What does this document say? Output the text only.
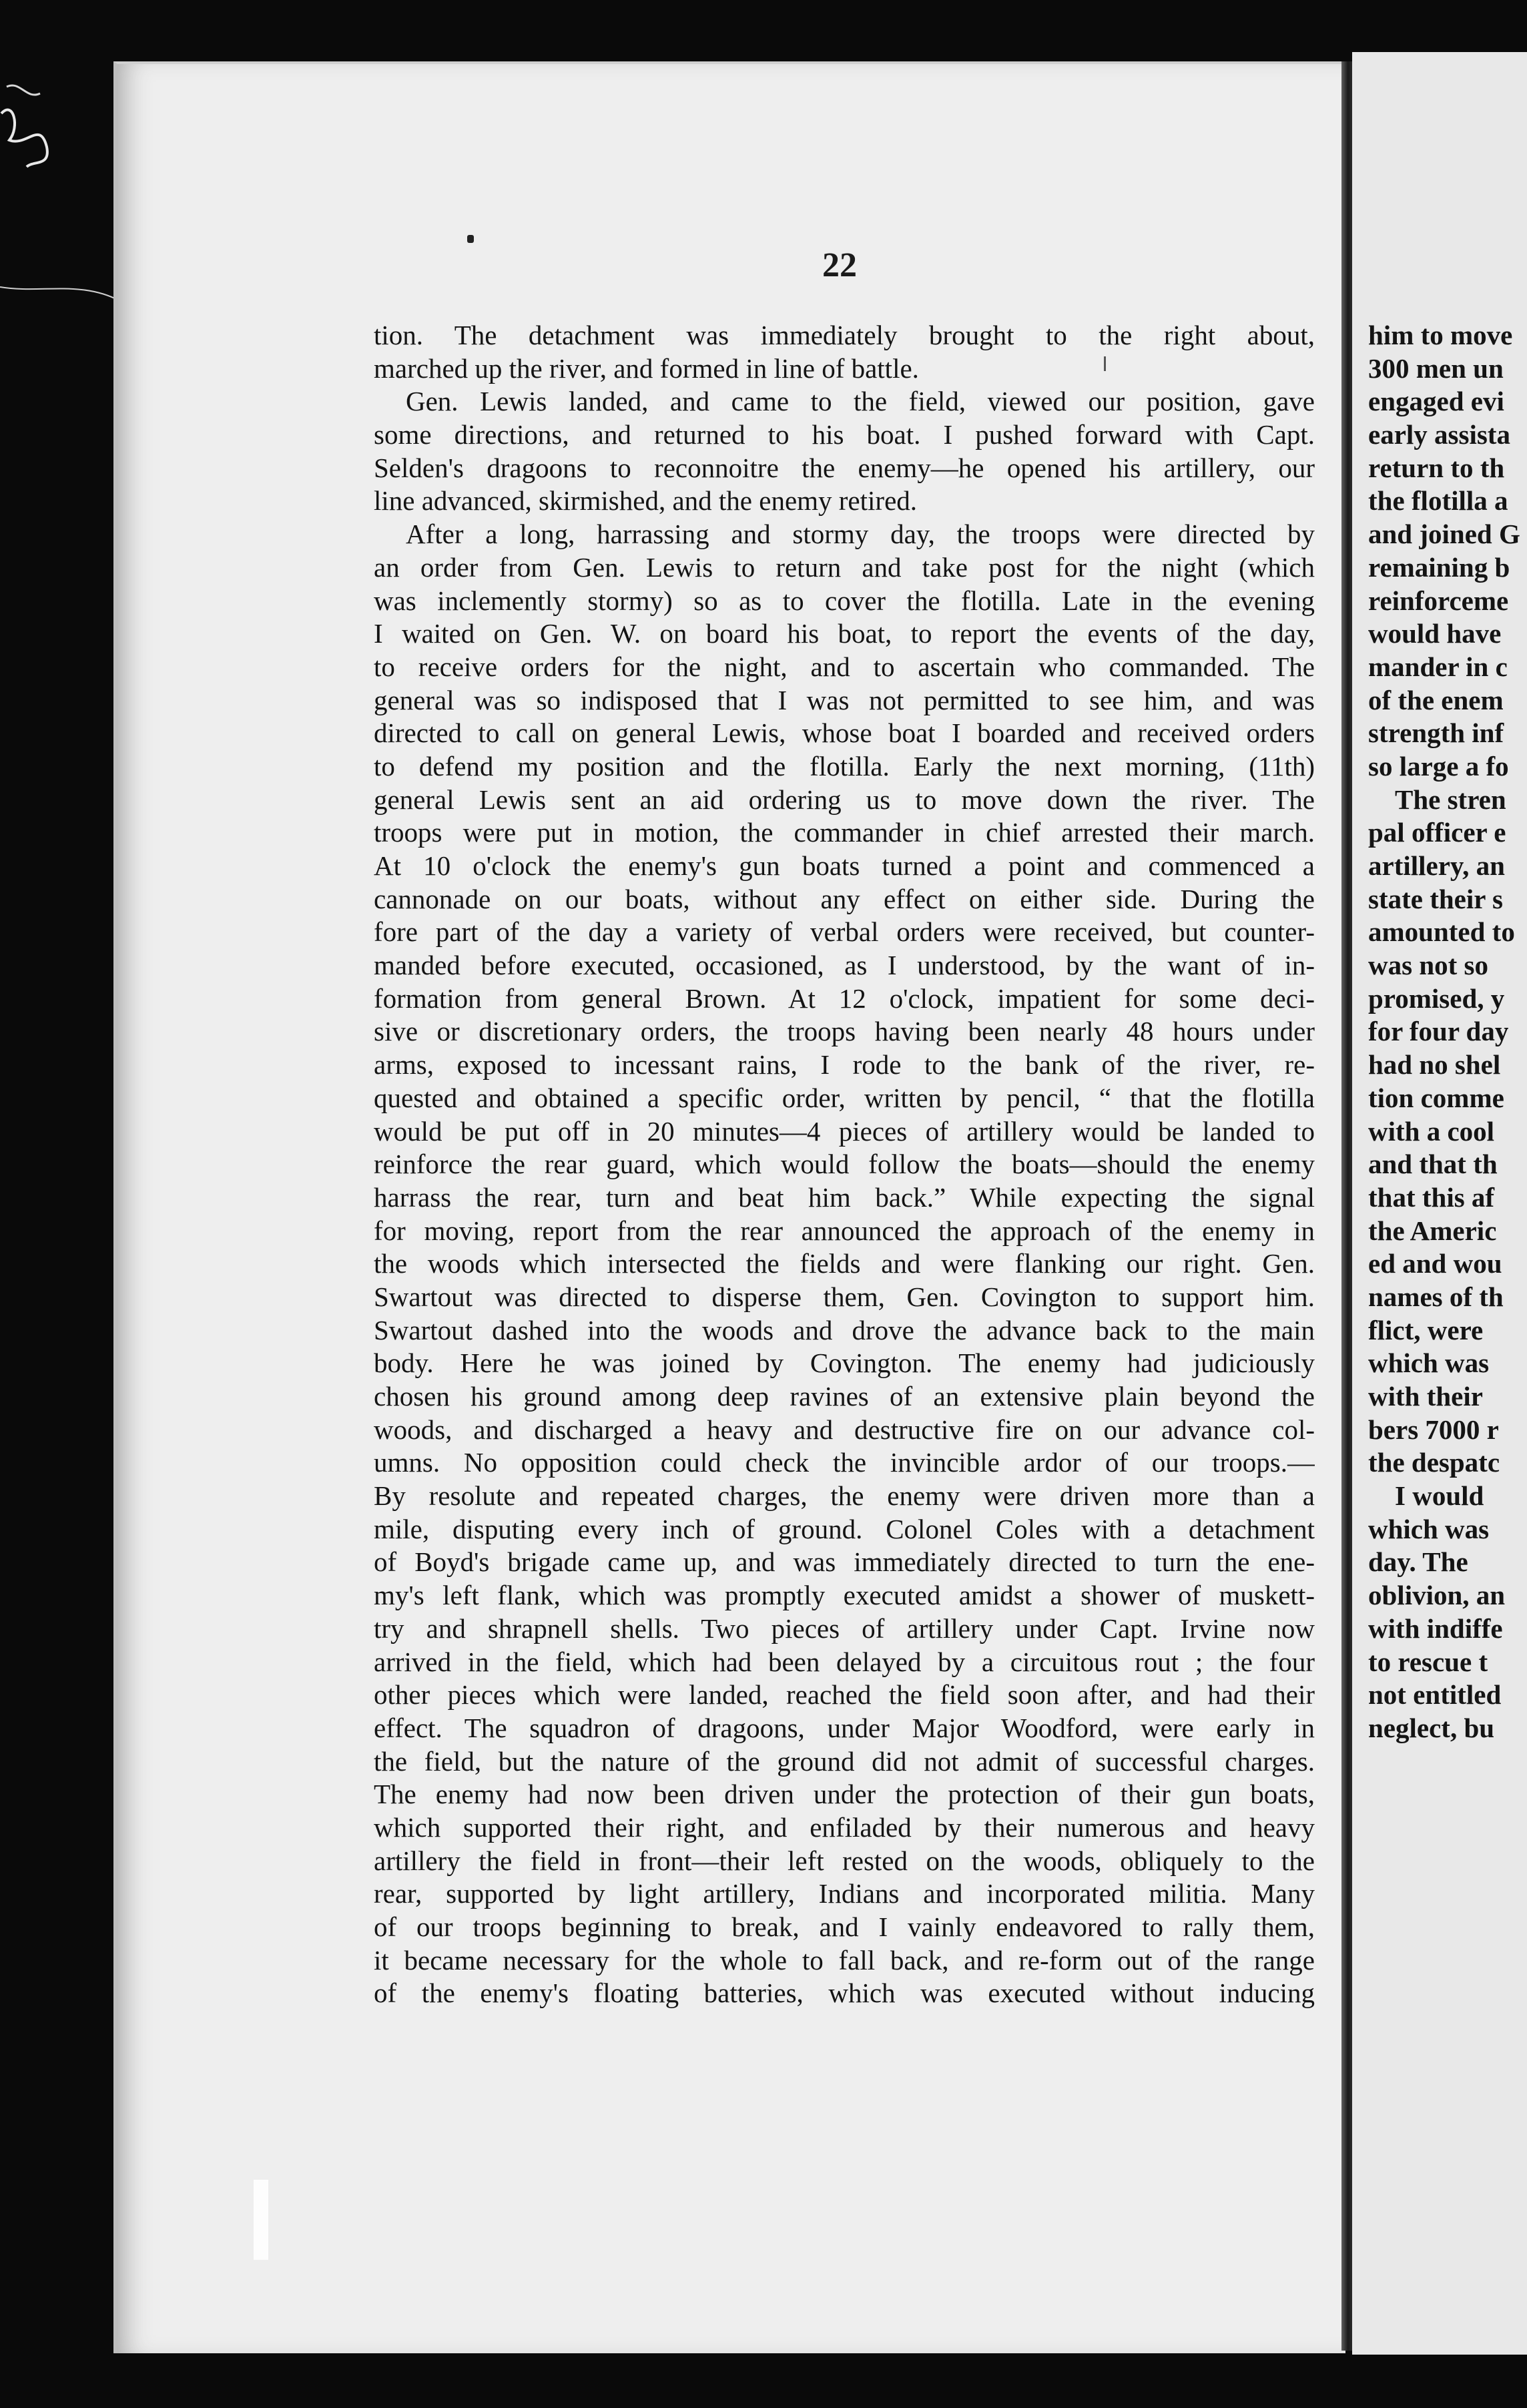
22
tion. The detachment was immediately brought to the right about,
marched up the river, and formed in line of battle.
Gen. Lewis landed, and came to the field, viewed our position, gave
some directions, and returned to his boat. I pushed forward with Capt.
Selden's dragoons to reconnoitre the enemy—he opened his artillery, our
line advanced, skirmished, and the enemy retired.
After a long, harrassing and stormy day, the troops were directed by
an order from Gen. Lewis to return and take post for the night (which
was inclemently stormy) so as to cover the flotilla. Late in the evening
I waited on Gen. W. on board his boat, to report the events of the day,
to receive orders for the night, and to ascertain who commanded. The
general was so indisposed that I was not permitted to see him, and was
directed to call on general Lewis, whose boat I boarded and received orders
to defend my position and the flotilla. Early the next morning, (11th)
general Lewis sent an aid ordering us to move down the river. The
troops were put in motion, the commander in chief arrested their march.
At 10 o'clock the enemy's gun boats turned a point and commenced a
cannonade on our boats, without any effect on either side. During the
fore part of the day a variety of verbal orders were received, but counter-
manded before executed, occasioned, as I understood, by the want of in-
formation from general Brown. At 12 o'clock, impatient for some deci-
sive or discretionary orders, the troops having been nearly 48 hours under
arms, exposed to incessant rains, I rode to the bank of the river, re-
quested and obtained a specific order, written by pencil, “ that the flotilla
would be put off in 20 minutes—4 pieces of artillery would be landed to
reinforce the rear guard, which would follow the boats—should the enemy
harrass the rear, turn and beat him back.” While expecting the signal
for moving, report from the rear announced the approach of the enemy in
the woods which intersected the fields and were flanking our right. Gen.
Swartout was directed to disperse them, Gen. Covington to support him.
Swartout dashed into the woods and drove the advance back to the main
body. Here he was joined by Covington. The enemy had judiciously
chosen his ground among deep ravines of an extensive plain beyond the
woods, and discharged a heavy and destructive fire on our advance col-
umns. No opposition could check the invincible ardor of our troops.—
By resolute and repeated charges, the enemy were driven more than a
mile, disputing every inch of ground. Colonel Coles with a detachment
of Boyd's brigade came up, and was immediately directed to turn the ene-
my's left flank, which was promptly executed amidst a shower of muskett-
try and shrapnell shells. Two pieces of artillery under Capt. Irvine now
arrived in the field, which had been delayed by a circuitous rout ; the four
other pieces which were landed, reached the field soon after, and had their
effect. The squadron of dragoons, under Major Woodford, were early in
the field, but the nature of the ground did not admit of successful charges.
The enemy had now been driven under the protection of their gun boats,
which supported their right, and enfiladed by their numerous and heavy
artillery the field in front—their left rested on the woods, obliquely to the
rear, supported by light artillery, Indians and incorporated militia. Many
of our troops beginning to break, and I vainly endeavored to rally them,
it became necessary for the whole to fall back, and re-form out of the range
of the enemy's floating batteries, which was executed without inducing
him to move
300 men un
engaged evi
early assista
return to th
the flotilla a
and joined G
remaining b
reinforceme
would have
mander in c
of the enem
strength inf
so large a fo
The stren
pal officer e
artillery, an
state their s
amounted to
was not so
promised, y
for four day
had no shel
tion comme
with a cool
and that th
that this af
the Americ
ed and wou
names of th
flict, were
which was
with their
bers 7000 r
the despatc
I would
which was
day. The
oblivion, an
with indiffe
to rescue t
not entitled
neglect, bu
